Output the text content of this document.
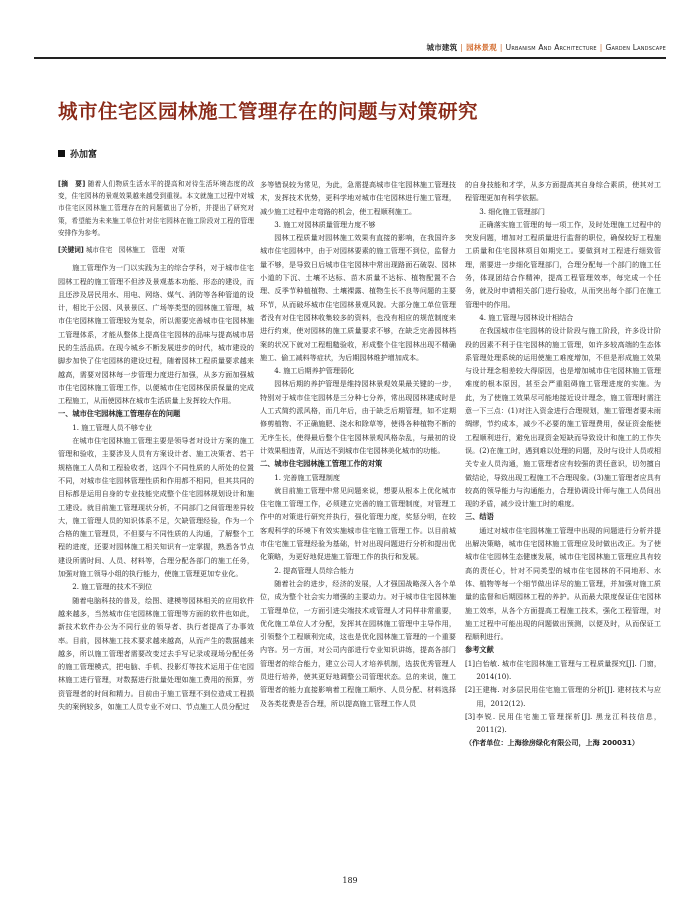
城市建筑 | 园林景观 | Urbanism And Architecture | Garden Landscape
城市住宅区园林施工管理存在的问题与对策研究
孙加富

[摘　要] 随着人们物质生活水平的提高和对待生活环境态度的改变，住宅园林的景观效果越来越受到重视。本文就施工过程中对城市住宅区园林施工管理存在的问题做出了分析，并提出了研究对策，希望能为未来施工单位针对住宅园林在施工阶段对工程的管理安排作为参考。

[关键词] 城市住宅　园林施工　管理　对策

施工管理作为一门以实践为主的综合学科，对于城市住宅园林工程的施工管理不但涉及景观基本功能、形态的建设，而且还涉及居民用水、用电、网络、煤气、消防等各种管道的设计，相比于公园、风景景区、广场等类型的园林施工管理，城市住宅园林施工管理较为复杂，所以需要完善城市住宅园林施工管理体系，才能从整体上提高住宅园林的品味与提高城市居民的生活品质。在现今城乡不断发展进步的时代，城市建设的脚步加快了住宅园林的建设过程，随着园林工程质量要求越来越高，需要对园林每一步管理力度进行加强，从多方面加强城市住宅园林施工管理工作，以便城市住宅园林保质保量的完成工程施工，从而使园林在城市生活质量上发挥较大作用。

一、城市住宅园林施工管理存在的问题

1. 施工管理人员不够专业

在城市住宅园林施工管理主要是领导者对设计方案的施工管理和验收，主要涉及人员有方案设计者、施工决策者、若干规格施工人员和工程验收者，这四个不同性质的人所处的位置不同，对城市住宅园林管理性质和作用都不相同，但其共同的目标都是运用自身的专业技能完成整个住宅园林规划设计和施工建设。就目前施工管理现状分析，不同部门之间管理差异较大，施工管理人员的知识体系不足，欠缺管理经验，作为一个合格的施工管理员，不但要与不同性质的人沟通，了解整个工程的进度，还要对园林施工相关知识有一定掌握，熟悉各节点建设所需时间、人员、材料等，合理分配各部门的施工任务，加强对施工领导小组的执行能力，使施工管理更加专业化。

2. 施工管理的技术不到位

随着电脑科技的普及，绘图、建模等园林相关的应用软件越来越多，当然城市住宅园林施工管理等方面的软件也如此，新技术软件办公为不同行业的领导者、执行者提高了办事效率。目前，园林施工技术要求越来越高，从而产生的数据越来越多，所以施工管理者需要改变过去手写记录或现场分配任务的施工管理模式，把电脑、手机、投影灯等技术运用于住宅园林施工进行管理，对数据进行批量处理如施工费用的预算，劳资管理者的时间和精力。目前由于施工管理不到位造成工程损失的案例较多，如施工人员专业不对口、节点施工人员分配过

多等错误较为常见，为此，急需提高城市住宅园林施工管理技术，发挥技术优势，更科学地对城市住宅园林进行施工管理，减少施工过程中走弯路的机会，使工程顺利施工。

3. 施工对园林质量管理力度不够

园林工程质量对园林施工效果有直接的影响，在我国许多城市住宅园林中，由于对园林要素的施工管理不到位，监督力量不够，是导致日后城市住宅园林中常出现路面石破裂、园林小道的下沉、土壤不达标、苗木质量不达标、植物配置不合理、反季节种植植物、土壤裸露、植物生长不良等问题的主要环节，从而破坏城市住宅园林景观风貌。大部分施工单位管理者没有对住宅园林收集较多的资料，也没有相应的规范制度来进行约束，使对园林的施工质量要求不够，在缺乏完善园林档案的状况下就对工程粗糙验收，形成整个住宅园林出现不精确施工、偷工减料等症状，为后期园林维护增加成本。

4. 施工后期养护管理弱化

园林后期的养护管理是维持园林景观效果最关键的一步，特别对于城市住宅园林是三分种七分养，常出现园林建成时是人工式简约派风格，而几年后，由于缺乏后期管理，如不定期修剪植物、不正确施肥、浇水和除草等，使得各种植物不断的无序生长，使得最后整个住宅园林景观风格杂乱，与最初的设计效果相违背，从而达不到城市住宅园林美化城市的功能。

二、城市住宅园林施工管理工作的对策

1. 完善施工管理制度

就目前施工管理中常见问题来说，想要从根本上优化城市住宅施工管理工作，必须建立完善的施工管理制度，对管理工作中的对策进行研究并执行，强化管理力度，奖惩分明，在较客观科学的环境下有效实施城市住宅施工管理工作。以目前城市住宅施工管理经验为基础，针对出现问题进行分析和提出优化策略，为更好地促进施工管理工作的执行和发展。

2. 提高管理人员综合能力

随着社会的进步，经济的发展，人才强国战略深入各个单位，成为整个社会实力增强的主要动力。对于城市住宅园林施工管理单位，一方面引进尖端技术或管理人才同样非常重要，优化施工单位人才分配，发挥其在园林施工管理中主导作用，引领整个工程顺利完成，这也是优化园林施工管理的一个重要内容。另一方面，对公司内部进行专业知识讲练，提高各部门管理者的综合能力，建立公司人才培养机制，选拔优秀管理人员进行培养，使其更好地调整公司管理状态。总的来说，施工管理者的能力直接影响着工程施工顺序、人员分配、材料选择及各类花费是否合理，所以提高施工管理工作人员

的自身技能和才学，从多方面提高其自身综合素质，使其对工程管理更加有科学依据。

3. 细化施工管理部门

正确落实施工管理的每一项工作，及时处理施工过程中的突发问题，增加对工程质量进行监督的职位，确保较好工程施工质量和住宅园林项目如期完工。要做到对工程进行细致管理，需要进一步细化管理部门，合理分配每一个部门的施工任务，体现团结合作精神，提高工程管理效率，每完成一个任务，就及时申请相关部门进行验收，从而突出每个部门在施工管理中的作用。

4. 施工管理与园林设计相结合

在我国城市住宅园林的设计阶段与施工阶段，许多设计阶段的因素不利于住宅园林的施工管理，如许多较高端的生态体系管理处理系统的运用使施工难度增加，不但是形成施工效果与设计理念相差较大得原因，也是增加城市住宅园林施工管理难度的根本原因，甚至会严重阻碍施工管理进度的实施。为此，为了使施工效果尽可能地接近设计理念，施工管理时需注意一下三点：(1)对注入资金进行合理规划，施工管理者要未雨绸缪，节约成本，减少不必要的施工管理费用，保证资金能使工程顺利进行，避免出现资金短缺而导致设计和施工的工作失误。(2)在施工时，遇到难以处理的问题，及时与设计人员或相关专业人员沟通，施工管理者应有较强的责任意识，切勿擅自做结论，导致出现工程施工不合理现象。(3)施工管理者应具有较高的领导能力与沟通能力，合理协调设计师与施工人员间出现的矛盾，减少设计施工时的难度。

三、结语

通过对城市住宅园林施工管理中出现的问题进行分析并提出解决策略，城市住宅园林施工管理应及时做出改正。为了使城市住宅园林生态健康发展，城市住宅园林施工管理应具有较高的责任心，针对不同类型的城市住宅园林的不同地形、水体、植物等每一个细节做出详尽的施工管理，并加强对施工质量的监督和后期园林工程的养护。从而最大限度保证住宅园林施工效率，从各个方面提高工程施工技术，强化工程管理，对施工过程中可能出现的问题做出预测，以便及时，从而保证工程顺利进行。

参考文献

[1]白怡敏. 城市住宅园林施工管理与工程质量探究[J]. 门窗，2014(10).

[2]王建梅. 对多层民用住宅施工管理的分析[J]. 建材技术与应用，2012(12).

[3]李锐. 民用住宅施工管理探析[J]. 黑龙江科技信息，2011(2).

（作者单位：上海徐房绿化有限公司，上海 200031）

189
